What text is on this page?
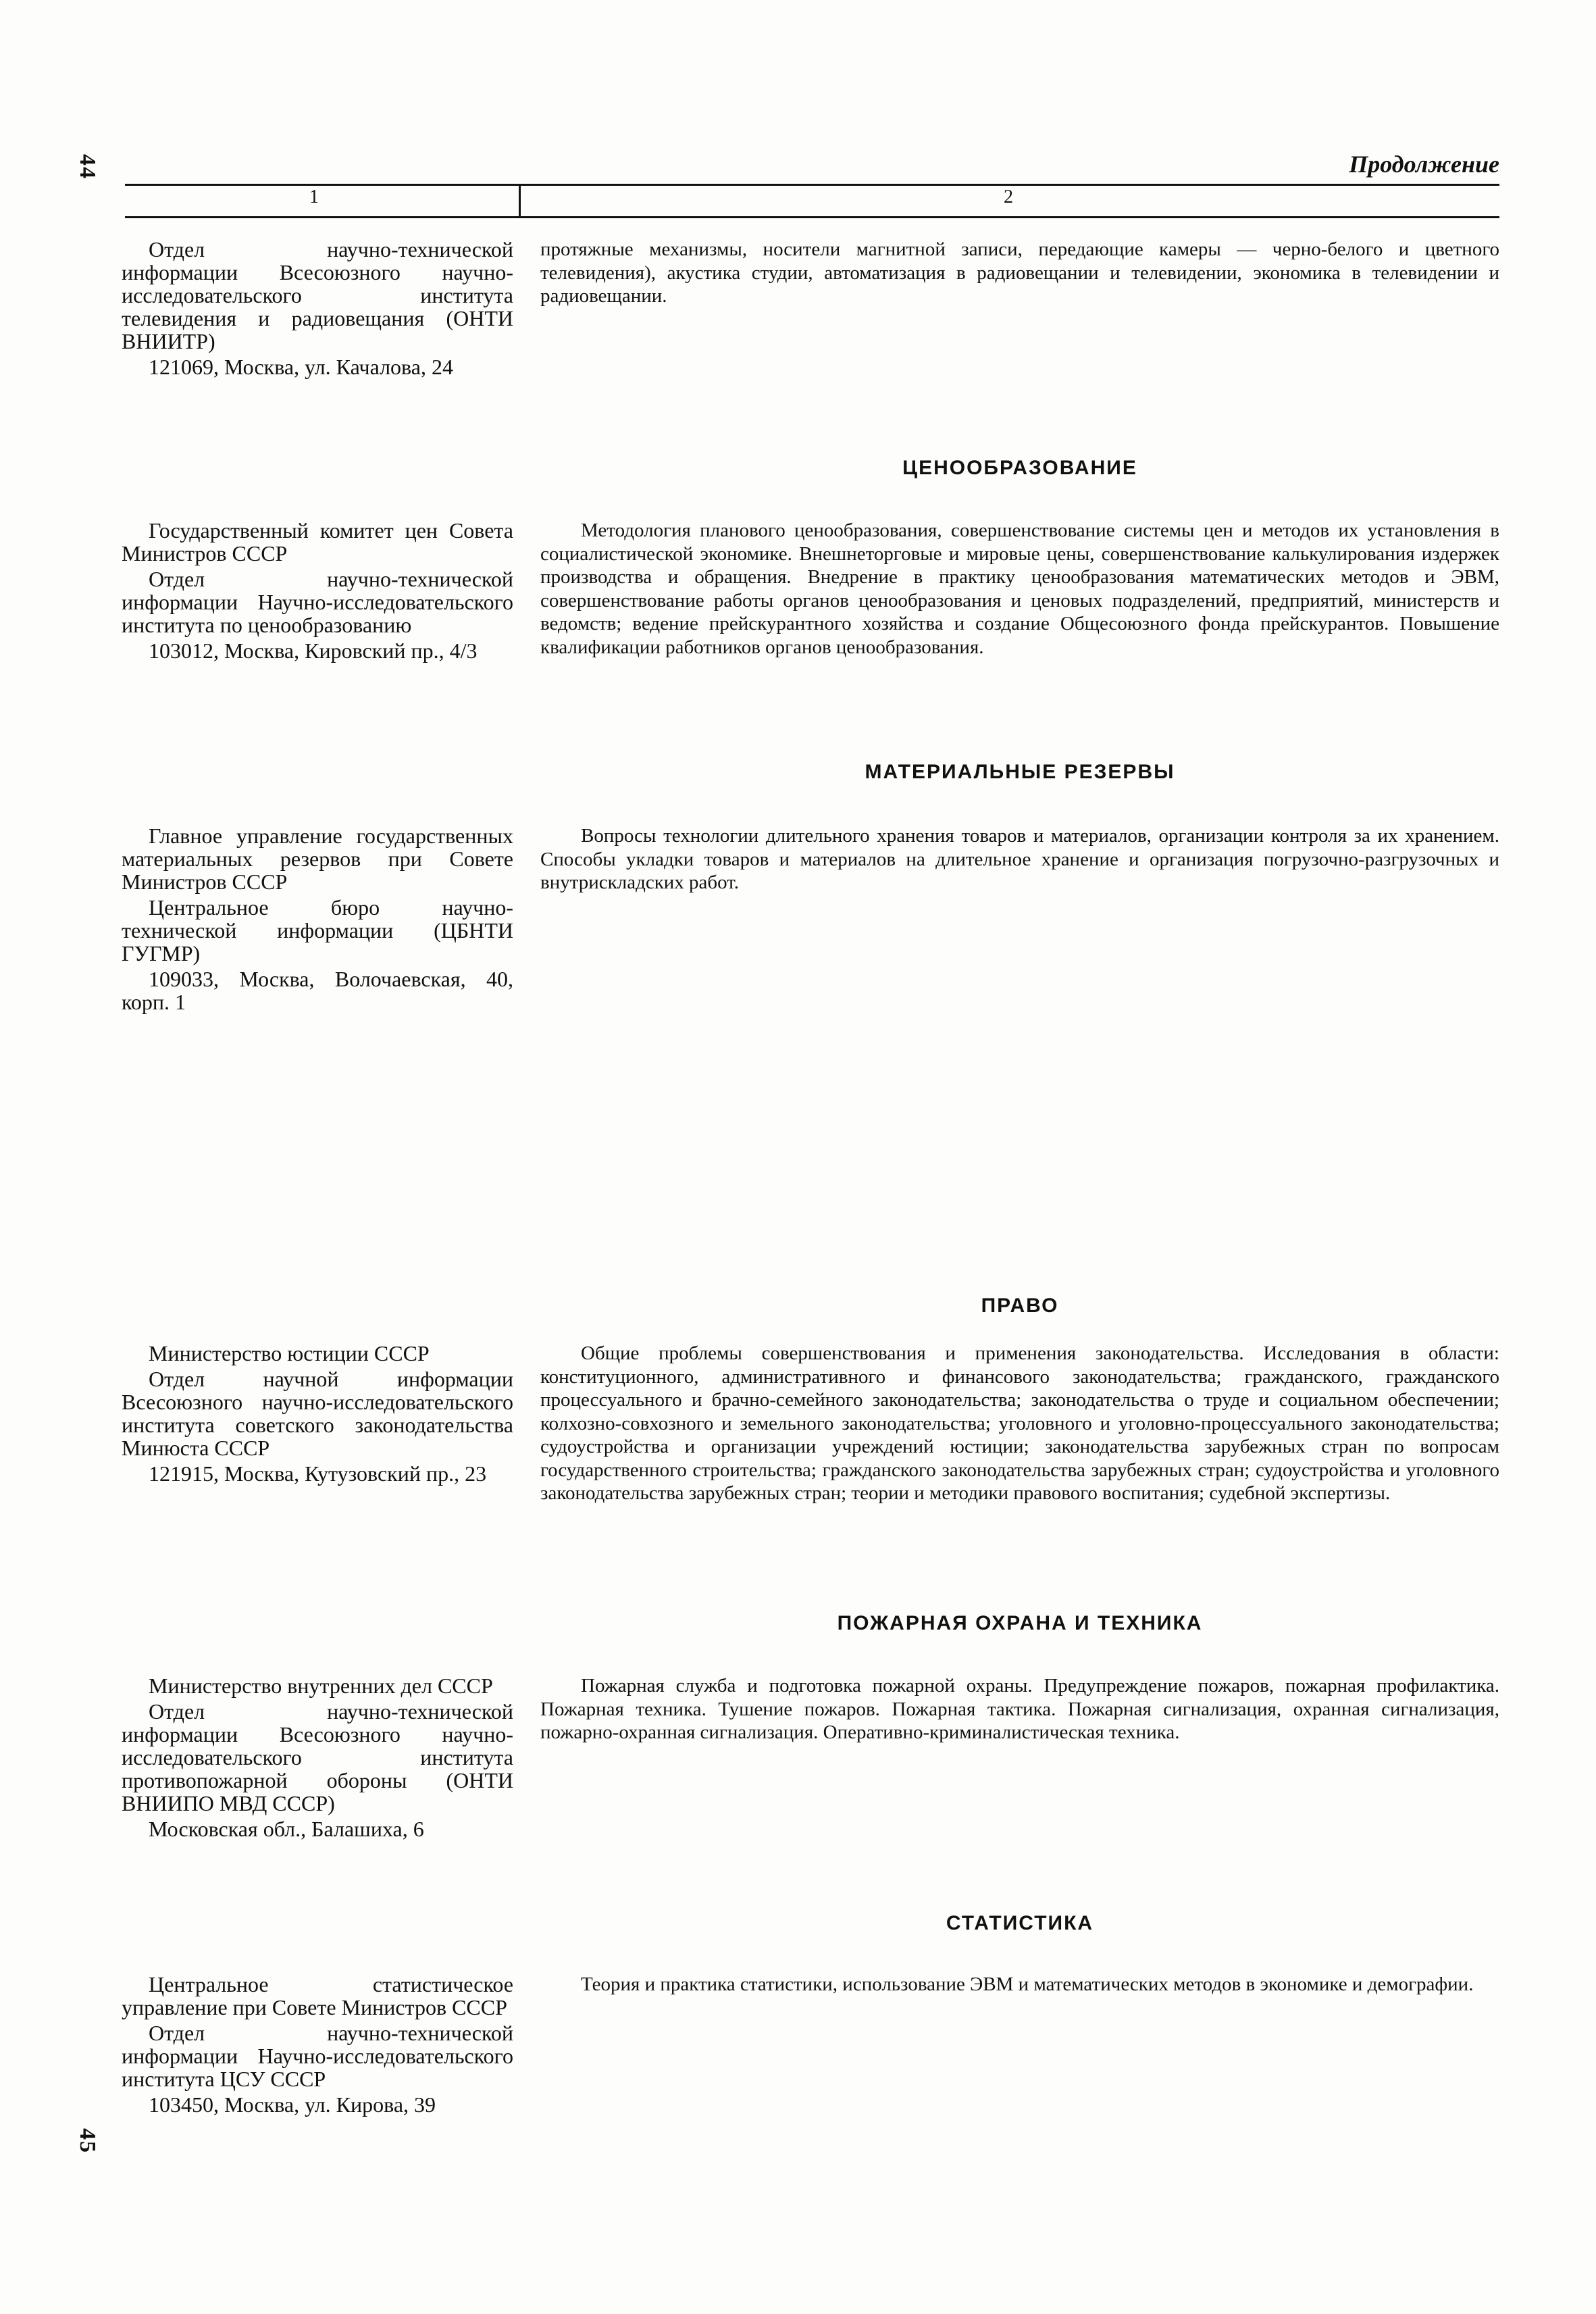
44
45
Продолжение
1	2

Отдел научно-технической информации Всесоюзного научно-исследовательского института телевидения и радиовещания (ОНТИ ВНИИТР)

121069, Москва, ул. Качалова, 24

протяжные механизмы, носители магнитной записи, передающие камеры — черно-белого и цветного телевидения), акустика студии, автоматизация в радиовещании и телевидении, экономика в телевидении и радиовещании.

ЦЕНООБРАЗОВАНИЕ

Государственный комитет цен Совета Министров СССР

Отдел научно-технической информации Научно-исследовательского института по ценообразованию

103012, Москва, Кировский пр., 4/3

Методология планового ценообразования, совершенствование системы цен и методов их установления в социалистической экономике. Внешнеторговые и мировые цены, совершенствование калькулирования издержек производства и обращения. Внедрение в практику ценообразования математических методов и ЭВМ, совершенствование работы органов ценообразования и ценовых подразделений, предприятий, министерств и ведомств; ведение прейскурантного хозяйства и создание Общесоюзного фонда прейскурантов. Повышение квалификации работников органов ценообразования.

МАТЕРИАЛЬНЫЕ РЕЗЕРВЫ

Главное управление государственных материальных резервов при Совете Министров СССР

Центральное бюро научно-технической информации (ЦБНТИ ГУГМР)

109033, Москва, Волочаевская, 40, корп. 1

Вопросы технологии длительного хранения товаров и материалов, организации контроля за их хранением. Способы укладки товаров и материалов на длительное хранение и организация погрузочно-разгрузочных и внутрискладских работ.

ПРАВО

Министерство юстиции СССР

Отдел научной информации Всесоюзного научно-исследовательского института советского законодательства Минюста СССР

121915, Москва, Кутузовский пр., 23

Общие проблемы совершенствования и применения законодательства. Исследования в области: конституционного, административного и финансового законодательства; гражданского, гражданского процессуального и брачно-семейного законодательства; законодательства о труде и социальном обеспечении; колхозно-совхозного и земельного законодательства; уголовного и уголовно-процессуального законодательства; судоустройства и организации учреждений юстиции; законодательства зарубежных стран по вопросам государственного строительства; гражданского законодательства зарубежных стран; судоустройства и уголовного законодательства зарубежных стран; теории и методики правового воспитания; судебной экспертизы.

ПОЖАРНАЯ ОХРАНА И ТЕХНИКА

Министерство внутренних дел СССР

Отдел научно-технической информации Всесоюзного научно-исследовательского института противопожарной обороны (ОНТИ ВНИИПО МВД СССР)

Московская обл., Балашиха, 6

Пожарная служба и подготовка пожарной охраны. Предупреждение пожаров, пожарная профилактика. Пожарная техника. Тушение пожаров. Пожарная тактика. Пожарная сигнализация, охранная сигнализация, пожарно-охранная сигнализация. Оперативно-криминалистическая техника.

СТАТИСТИКА

Центральное статистическое управление при Совете Министров СССР

Отдел научно-технической информации Научно-исследовательского института ЦСУ СССР

103450, Москва, ул. Кирова, 39

Теория и практика статистики, использование ЭВМ и математических методов в экономике и демографии.
